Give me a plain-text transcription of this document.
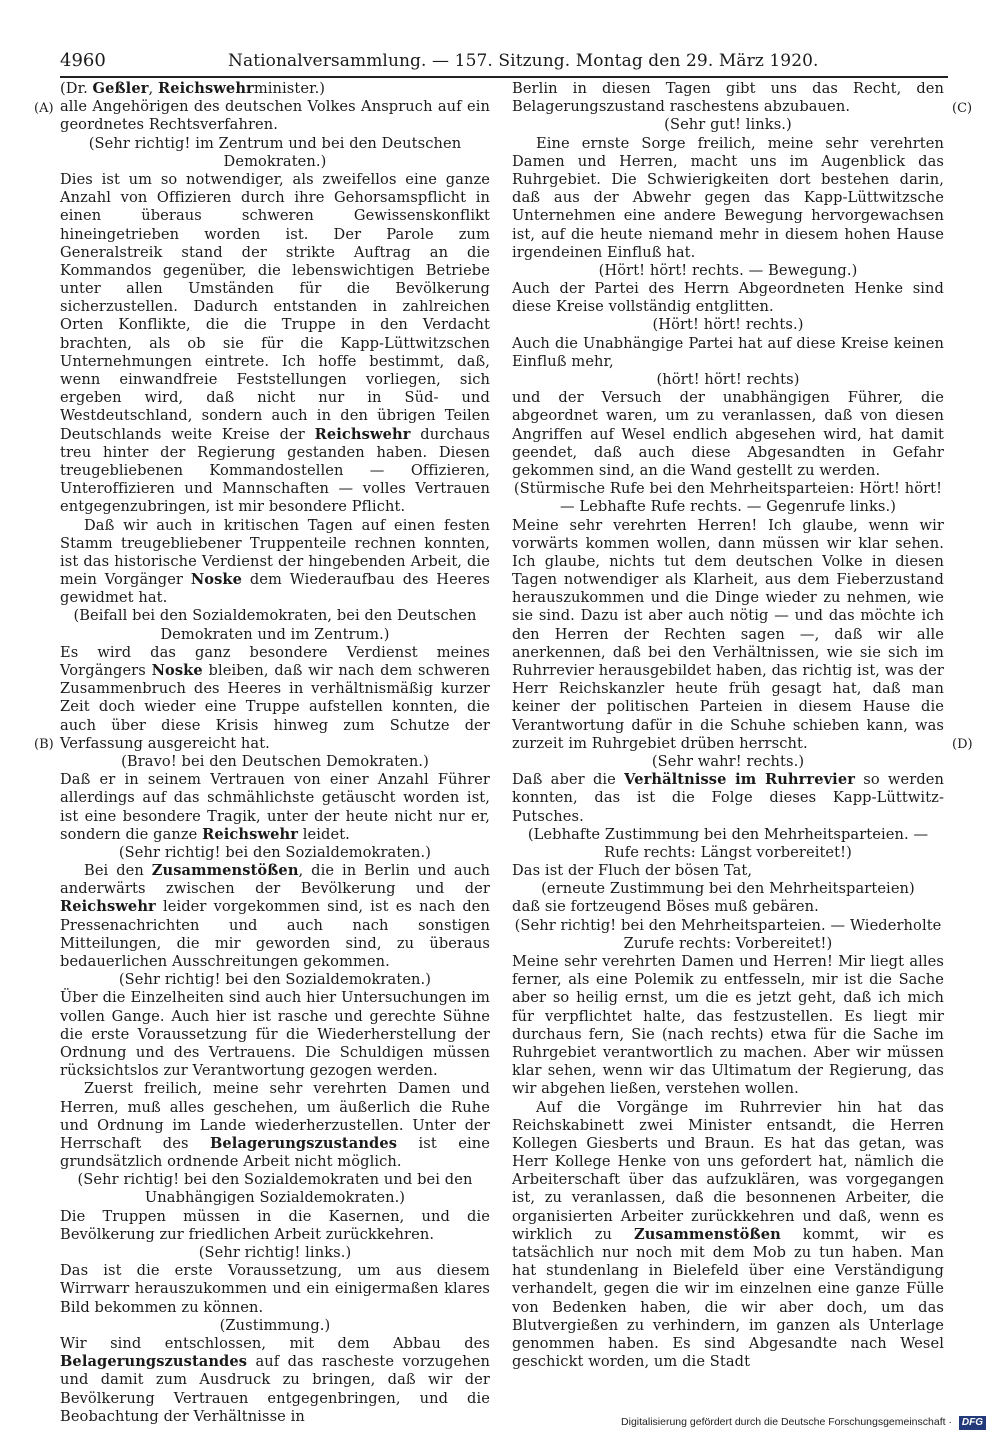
4960	Nationalversammlung. — 157. Sitzung. Montag den 29. März 1920.
(A)
(B)
(C)
(D)

(Dr. Geßler, Reichswehrminister.)

alle Angehörigen des deutschen Volkes Anspruch auf ein geordnetes Rechtsverfahren.

(Sehr richtig! im Zentrum und bei den Deutschen Demokraten.)

Dies ist um so notwendiger, als zweifellos eine ganze Anzahl von Offizieren durch ihre Gehorsamspflicht in einen überaus schweren Gewissenskonflikt hineingetrieben worden ist. Der Parole zum Generalstreik stand der strikte Auftrag an die Kommandos gegenüber, die lebenswichtigen Betriebe unter allen Umständen für die Bevölkerung sicherzustellen. Dadurch entstanden in zahlreichen Orten Konflikte, die die Truppe in den Verdacht brachten, als ob sie für die Kapp-Lüttwitzschen Unternehmungen eintrete. Ich hoffe bestimmt, daß, wenn einwandfreie Feststellungen vorliegen, sich ergeben wird, daß nicht nur in Süd- und Westdeutschland, sondern auch in den übrigen Teilen Deutschlands weite Kreise der Reichswehr durchaus treu hinter der Regierung gestanden haben. Diesen treugebliebenen Kommandostellen — Offizieren, Unteroffizieren und Mannschaften — volles Vertrauen entgegenzubringen, ist mir besondere Pflicht.

Daß wir auch in kritischen Tagen auf einen festen Stamm treugebliebener Truppenteile rechnen konnten, ist das historische Verdienst der hingebenden Arbeit, die mein Vorgänger Noske dem Wiederaufbau des Heeres gewidmet hat.

(Beifall bei den Sozialdemokraten, bei den Deutschen Demokraten und im Zentrum.)

Es wird das ganz besondere Verdienst meines Vorgängers Noske bleiben, daß wir nach dem schweren Zusammenbruch des Heeres in verhältnismäßig kurzer Zeit doch wieder eine Truppe aufstellen konnten, die auch über diese Krisis hinweg zum Schutze der Verfassung ausgereicht hat.

(Bravo! bei den Deutschen Demokraten.)

Daß er in seinem Vertrauen von einer Anzahl Führer allerdings auf das schmählichste getäuscht worden ist, ist eine besondere Tragik, unter der heute nicht nur er, sondern die ganze Reichswehr leidet.

(Sehr richtig! bei den Sozialdemokraten.)

Bei den Zusammenstößen, die in Berlin und auch anderwärts zwischen der Bevölkerung und der Reichswehr leider vorgekommen sind, ist es nach den Pressenachrichten und auch nach sonstigen Mitteilungen, die mir geworden sind, zu überaus bedauerlichen Ausschreitungen gekommen.

(Sehr richtig! bei den Sozialdemokraten.)

Über die Einzelheiten sind auch hier Untersuchungen im vollen Gange. Auch hier ist rasche und gerechte Sühne die erste Voraussetzung für die Wiederherstellung der Ordnung und des Vertrauens. Die Schuldigen müssen rücksichtslos zur Verantwortung gezogen werden.

Zuerst freilich, meine sehr verehrten Damen und Herren, muß alles geschehen, um äußerlich die Ruhe und Ordnung im Lande wiederherzustellen. Unter der Herrschaft des Belagerungszustandes ist eine grundsätzlich ordnende Arbeit nicht möglich.

(Sehr richtig! bei den Sozialdemokraten und bei den Unabhängigen Sozialdemokraten.)

Die Truppen müssen in die Kasernen, und die Bevölkerung zur friedlichen Arbeit zurückkehren.

(Sehr richtig! links.)

Das ist die erste Voraussetzung, um aus diesem Wirrwarr herauszukommen und ein einigermaßen klares Bild bekommen zu können.

(Zustimmung.)

Wir sind entschlossen, mit dem Abbau des Belagerungszustandes auf das rascheste vorzugehen und damit zum Ausdruck zu bringen, daß wir der Bevölkerung Vertrauen entgegenbringen, und die Beobachtung der Verhältnisse in

Berlin in diesen Tagen gibt uns das Recht, den Belagerungszustand raschestens abzubauen.

(Sehr gut! links.)

Eine ernste Sorge freilich, meine sehr verehrten Damen und Herren, macht uns im Augenblick das Ruhrgebiet. Die Schwierigkeiten dort bestehen darin, daß aus der Abwehr gegen das Kapp-Lüttwitzsche Unternehmen eine andere Bewegung hervorgewachsen ist, auf die heute niemand mehr in diesem hohen Hause irgendeinen Einfluß hat.

(Hört! hört! rechts. — Bewegung.)

Auch der Partei des Herrn Abgeordneten Henke sind diese Kreise vollständig entglitten.

(Hört! hört! rechts.)

Auch die Unabhängige Partei hat auf diese Kreise keinen Einfluß mehr,

(hört! hört! rechts)

und der Versuch der unabhängigen Führer, die abgeordnet waren, um zu veranlassen, daß von diesen Angriffen auf Wesel endlich abgesehen wird, hat damit geendet, daß auch diese Abgesandten in Gefahr gekommen sind, an die Wand gestellt zu werden.

(Stürmische Rufe bei den Mehrheitsparteien: Hört! hört! — Lebhafte Rufe rechts. — Gegenrufe links.)

Meine sehr verehrten Herren! Ich glaube, wenn wir vorwärts kommen wollen, dann müssen wir klar sehen. Ich glaube, nichts tut dem deutschen Volke in diesen Tagen notwendiger als Klarheit, aus dem Fieberzustand herauszukommen und die Dinge wieder zu nehmen, wie sie sind. Dazu ist aber auch nötig — und das möchte ich den Herren der Rechten sagen —, daß wir alle anerkennen, daß bei den Verhältnissen, wie sie sich im Ruhrrevier herausgebildet haben, das richtig ist, was der Herr Reichskanzler heute früh gesagt hat, daß man keiner der politischen Parteien in diesem Hause die Verantwortung dafür in die Schuhe schieben kann, was zurzeit im Ruhrgebiet drüben herrscht.

(Sehr wahr! rechts.)

Daß aber die Verhältnisse im Ruhrrevier so werden konnten, das ist die Folge dieses Kapp-Lüttwitz-Putsches.

(Lebhafte Zustimmung bei den Mehrheitsparteien. — Rufe rechts: Längst vorbereitet!)

Das ist der Fluch der bösen Tat,

(erneute Zustimmung bei den Mehrheitsparteien)

daß sie fortzeugend Böses muß gebären.

(Sehr richtig! bei den Mehrheitsparteien. — Wiederholte Zurufe rechts: Vorbereitet!)

Meine sehr verehrten Damen und Herren! Mir liegt alles ferner, als eine Polemik zu entfesseln, mir ist die Sache aber so heilig ernst, um die es jetzt geht, daß ich mich für verpflichtet halte, das festzustellen. Es liegt mir durchaus fern, Sie (nach rechts) etwa für die Sache im Ruhrgebiet verantwortlich zu machen. Aber wir müssen klar sehen, wenn wir das Ultimatum der Regierung, das wir abgehen ließen, verstehen wollen.

Auf die Vorgänge im Ruhrrevier hin hat das Reichskabinett zwei Minister entsandt, die Herren Kollegen Giesberts und Braun. Es hat das getan, was Herr Kollege Henke von uns gefordert hat, nämlich die Arbeiterschaft über das aufzuklären, was vorgegangen ist, zu veranlassen, daß die besonnenen Arbeiter, die organisierten Arbeiter zurückkehren und daß, wenn es wirklich zu Zusammenstößen kommt, wir es tatsächlich nur noch mit dem Mob zu tun haben. Man hat stundenlang in Bielefeld über eine Verständigung verhandelt, gegen die wir im einzelnen eine ganze Fülle von Bedenken haben, die wir aber doch, um das Blutvergießen zu verhindern, im ganzen als Unterlage genommen haben. Es sind Abgesandte nach Wesel geschickt worden, um die Stadt

Digitalisierung gefördert durch die Deutsche Forschungsgemeinschaft · DFG
